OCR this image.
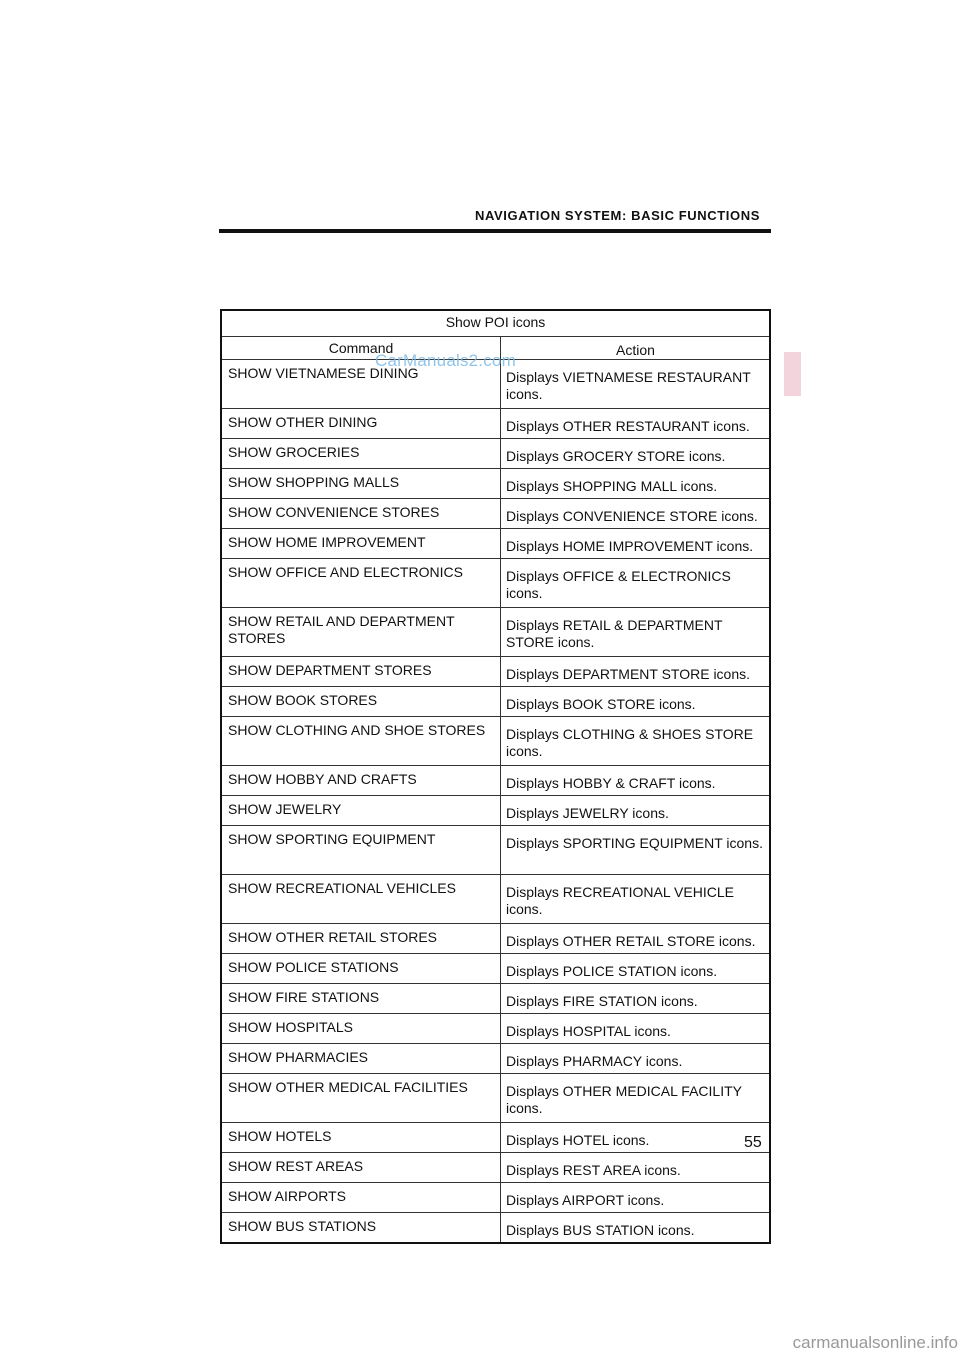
NAVIGATION SYSTEM: BASIC FUNCTIONS
Show POI icons	
Command	Action
SHOW VIETNAMESE DINING	Displays VIETNAMESE RESTAURANT icons.
SHOW OTHER DINING	Displays OTHER RESTAURANT icons.
SHOW GROCERIES	Displays GROCERY STORE icons.
SHOW SHOPPING MALLS	Displays SHOPPING MALL icons.
SHOW CONVENIENCE STORES	Displays CONVENIENCE STORE icons.
SHOW HOME IMPROVEMENT	Displays HOME IMPROVEMENT icons.
SHOW OFFICE AND ELECTRONICS	Displays OFFICE & ELECTRONICS icons.
SHOW RETAIL AND DEPARTMENT STORES	Displays RETAIL & DEPARTMENT STORE icons.
SHOW DEPARTMENT STORES	Displays DEPARTMENT STORE icons.
SHOW BOOK STORES	Displays BOOK STORE icons.
SHOW CLOTHING AND SHOE STORES	Displays CLOTHING & SHOES STORE icons.
SHOW HOBBY AND CRAFTS	Displays HOBBY & CRAFT icons.
SHOW JEWELRY	Displays JEWELRY icons.
SHOW SPORTING EQUIPMENT	Displays SPORTING EQUIPMENT icons.
SHOW RECREATIONAL VEHICLES	Displays RECREATIONAL VEHICLE icons.
SHOW OTHER RETAIL STORES	Displays OTHER RETAIL STORE icons.
SHOW POLICE STATIONS	Displays POLICE STATION icons.
SHOW FIRE STATIONS	Displays FIRE STATION icons.
SHOW HOSPITALS	Displays HOSPITAL icons.
SHOW PHARMACIES	Displays PHARMACY icons.
SHOW OTHER MEDICAL FACILITIES	Displays OTHER MEDICAL FACILITY icons.
SHOW HOTELS	Displays HOTEL icons.
SHOW REST AREAS	Displays REST AREA icons.
SHOW AIRPORTS	Displays AIRPORT icons.
SHOW BUS STATIONS	Displays BUS STATION icons.
CarManuals2.com
55
carmanualsonline.info
